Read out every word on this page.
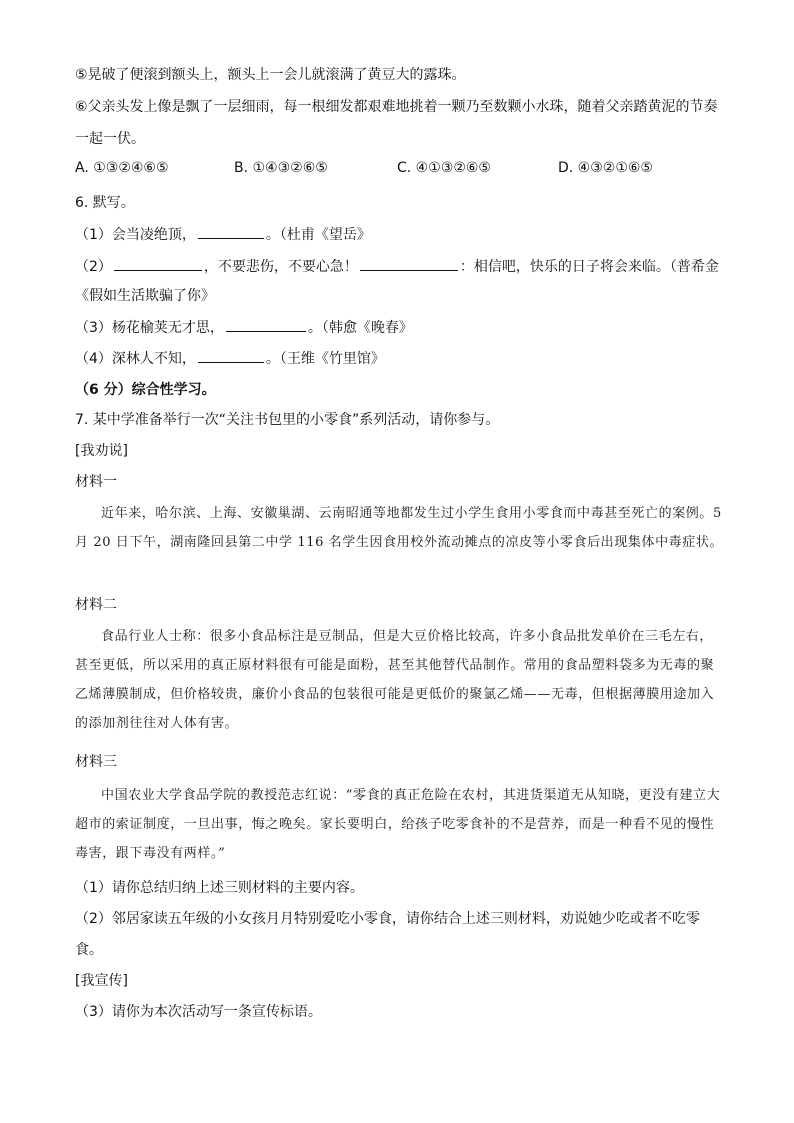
⑤晃破了便滚到额头上，额头上一会儿就滚满了黄豆大的露珠。
⑥父亲头发上像是飘了一层细雨，每一根细发都艰难地挑着一颗乃至数颗小水珠，随着父亲踏黄泥的节奏
一起一伏。
A. ①③②④⑥⑤	B. ①④③②⑥⑤	C. ④①③②⑥⑤	D. ④③②①⑥⑤
6. 默写。
（1）会当凌绝顶，	。（杜甫《望岳》
（2）	，不要悲伤，不要心急！	：相信吧，快乐的日子将会来临。（普希金
《假如生活欺骗了你》
（3）杨花榆荚无才思，	。（韩愈《晚春》
（4）深林人不知，	。（王维《竹里馆》
（6 分）综合性学习。
7. 某中学准备举行一次“关注书包里的小零食”系列活动，请你参与。
[我劝说]
材料一
近年来，哈尔滨、上海、安徽巢湖、云南昭通等地都发生过小学生食用小零食而中毒甚至死亡的案例。5 月 20 日下午，湖南隆回县第二中学 116 名学生因食用校外流动摊点的凉皮等小零食后出现集体中毒症状。
材料二
食品行业人士称：很多小食品标注是豆制品，但是大豆价格比较高，许多小食品批发单价在三毛左右，甚至更低，所以采用的真正原材料很有可能是面粉，甚至其他替代品制作。常用的食品塑料袋多为无毒的聚乙烯薄膜制成，但价格较贵，廉价小食品的包装很可能是更低价的聚氯乙烯——无毒，但根据薄膜用途加入的添加剂往往对人体有害。
材料三
中国农业大学食品学院的教授范志红说：“零食的真正危险在农村，其进货渠道无从知晓，更没有建立大超市的索证制度，一旦出事，悔之晚矣。家长要明白，给孩子吃零食补的不是营养，而是一种看不见的慢性毒害，跟下毒没有两样。”
（1）请你总结归纳上述三则材料的主要内容。
（2）邻居家读五年级的小女孩月月特别爱吃小零食，请你结合上述三则材料，劝说她少吃或者不吃零
食。
[我宣传]
（3）请你为本次活动写一条宣传标语。
